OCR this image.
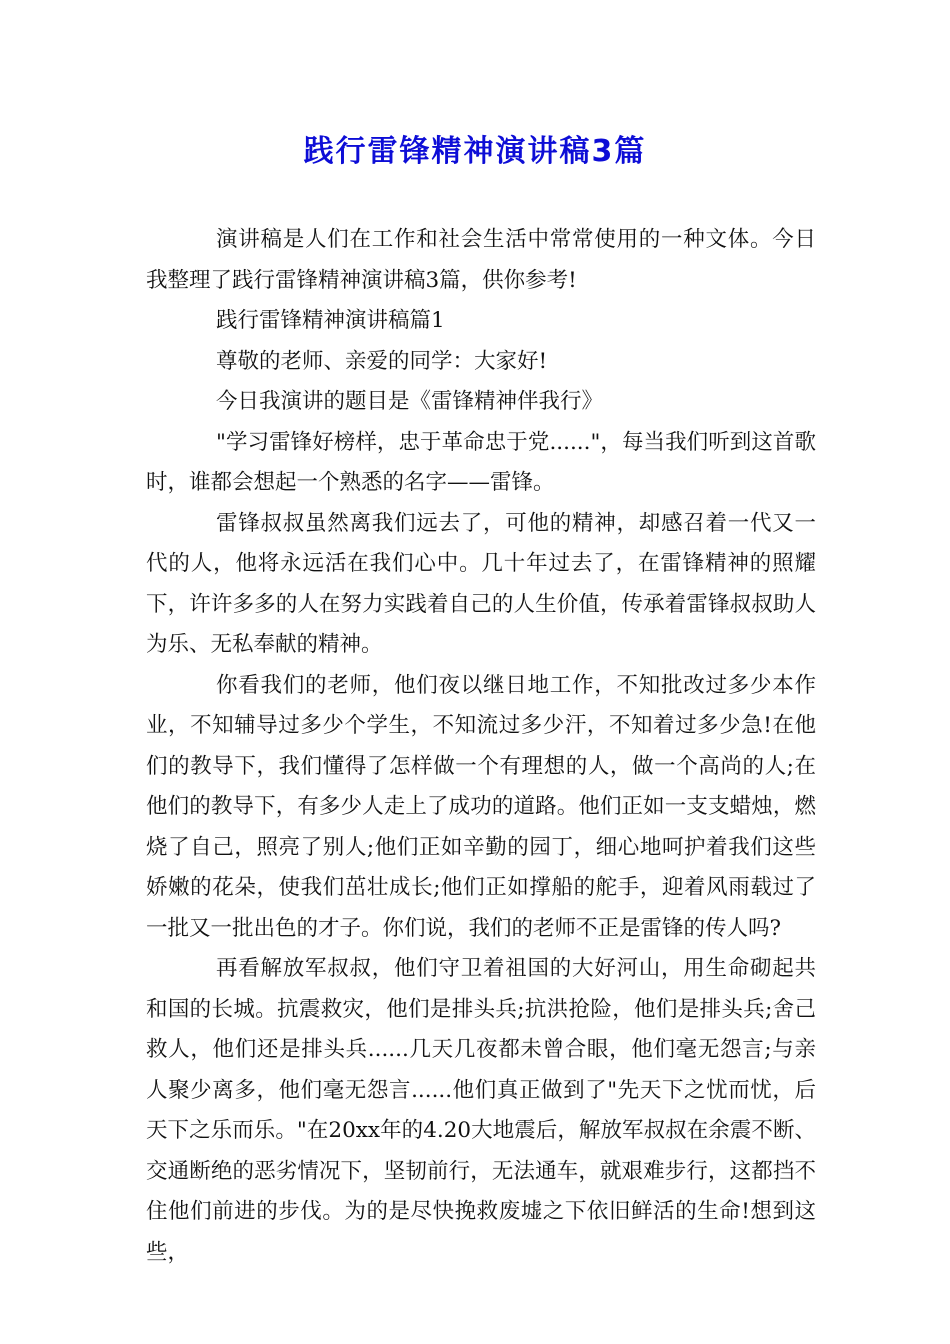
践行雷锋精神演讲稿3篇

演讲稿是人们在工作和社会生活中常常使用的一种文体。今日我整理了践行雷锋精神演讲稿3篇，供你参考!

践行雷锋精神演讲稿篇1

尊敬的老师、亲爱的同学：大家好!

今日我演讲的题目是《雷锋精神伴我行》

"学习雷锋好榜样，忠于革命忠于党......"，每当我们听到这首歌时，谁都会想起一个熟悉的名字——雷锋。

雷锋叔叔虽然离我们远去了，可他的精神，却感召着一代又一代的人，他将永远活在我们心中。几十年过去了，在雷锋精神的照耀下，许许多多的人在努力实践着自己的人生价值，传承着雷锋叔叔助人为乐、无私奉献的精神。

你看我们的老师，他们夜以继日地工作，不知批改过多少本作业，不知辅导过多少个学生，不知流过多少汗，不知着过多少急!在他们的教导下，我们懂得了怎样做一个有理想的人，做一个高尚的人;在他们的教导下，有多少人走上了成功的道路。他们正如一支支蜡烛，燃烧了自己，照亮了别人;他们正如辛勤的园丁，细心地呵护着我们这些娇嫩的花朵，使我们茁壮成长;他们正如撑船的舵手，迎着风雨载过了一批又一批出色的才子。你们说，我们的老师不正是雷锋的传人吗?

再看解放军叔叔，他们守卫着祖国的大好河山，用生命砌起共和国的长城。抗震救灾，他们是排头兵;抗洪抢险，他们是排头兵;舍己救人，他们还是排头兵......几天几夜都未曾合眼，他们毫无怨言;与亲人聚少离多，他们毫无怨言......他们真正做到了"先天下之忧而忧，后天下之乐而乐。"在20xx年的4.20大地震后，解放军叔叔在余震不断、交通断绝的恶劣情况下，坚韧前行，无法通车，就艰难步行，这都挡不住他们前进的步伐。为的是尽快挽救废墟之下依旧鲜活的生命!想到这些，
